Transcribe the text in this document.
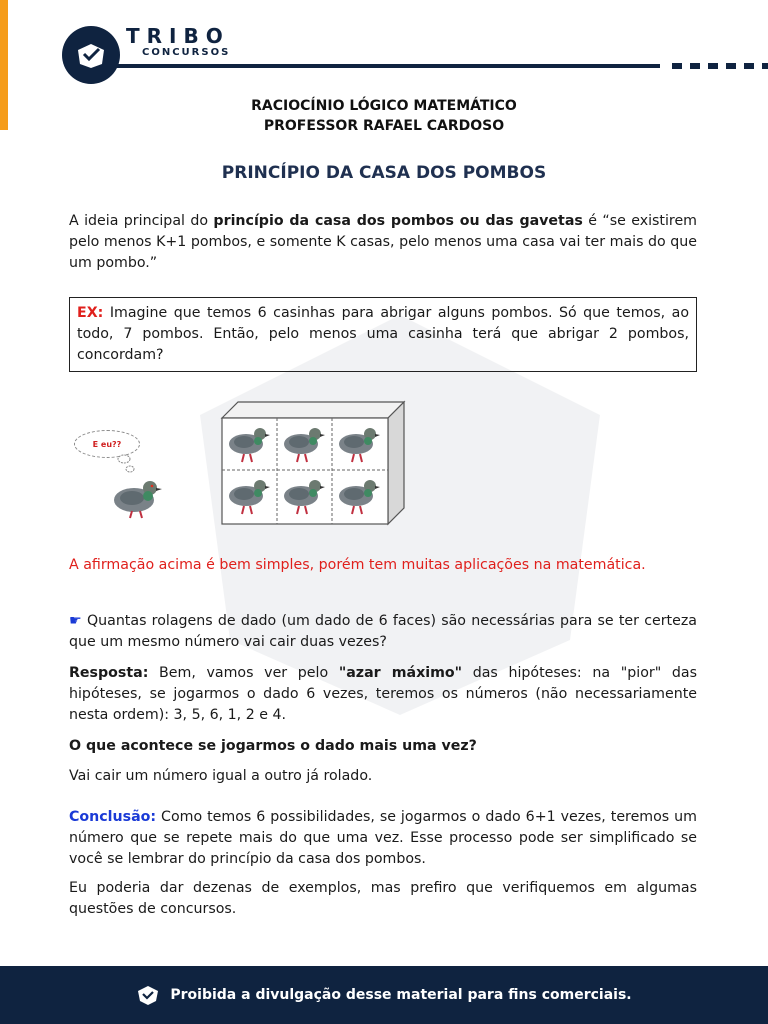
TRIBO
CONCURSOS
RACIOCÍNIO LÓGICO MATEMÁTICO
PROFESSOR RAFAEL CARDOSO
PRINCÍPIO DA CASA DOS POMBOS
A ideia principal do princípio da casa dos pombos ou das gavetas é “se existirem pelo menos K+1 pombos, e somente K casas, pelo menos uma casa vai ter mais do que um pombo.”
EX: Imagine que temos 6 casinhas para abrigar alguns pombos. Só que temos, ao todo, 7 pombos. Então, pelo menos uma casinha terá que abrigar 2 pombos, concordam?
E eu??
A afirmação acima é bem simples, porém tem muitas aplicações na matemática.
☛ Quantas rolagens de dado (um dado de 6 faces) são necessárias para se ter certeza que um mesmo número vai cair duas vezes?
Resposta: Bem, vamos ver pelo "azar máximo" das hipóteses: na "pior" das hipóteses, se jogarmos o dado 6 vezes, teremos os números (não necessariamente nesta ordem): 3, 5, 6, 1, 2 e 4.
O que acontece se jogarmos o dado mais uma vez?
Vai cair um número igual a outro já rolado.
Conclusão: Como temos 6 possibilidades, se jogarmos o dado 6+1 vezes, teremos um número que se repete mais do que uma vez. Esse processo pode ser simplificado se você se lembrar do princípio da casa dos pombos.
Eu poderia dar dezenas de exemplos, mas prefiro que verifiquemos em algumas questões de concursos.
Proibida a divulgação desse material para fins comerciais.
